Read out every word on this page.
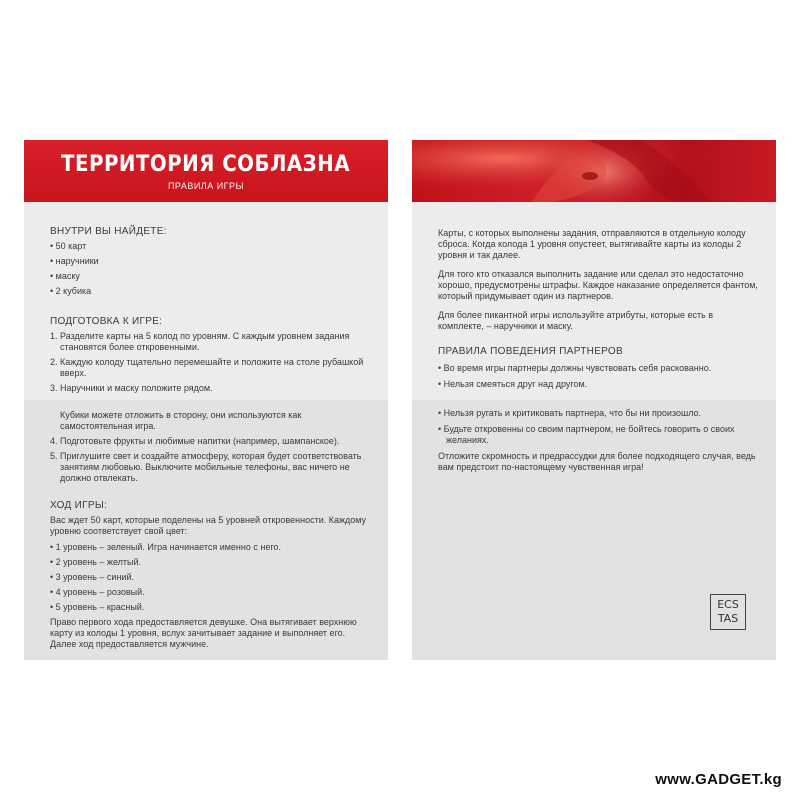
ТЕРРИТОРИЯ СОБЛАЗНА
ПРАВИЛА ИГРЫ
ВНУТРИ ВЫ НАЙДЕТЕ:
• 50 карт
• наручники
• маску
• 2 кубика
ПОДГОТОВКА К ИГРЕ:
1. Разделите карты на 5 колод по уровням. С каждым уровнем задания становятся более откровенными.
2. Каждую колоду тщательно перемешайте и положите на столе рубашкой вверх.
3. Наручники и маску положите рядом.
Кубики можете отложить в сторону, они используются как самостоятельная игра.
4. Подготовьте фрукты и любимые напитки (например, шампанское).
5. Приглушите свет и создайте атмосферу, которая будет соответствовать занятиям любовью. Выключите мобильные телефоны, вас ничего не должно отвлекать.
ХОД ИГРЫ:
Вас ждет 50 карт, которые поделены на 5 уровней откровенности. Каждому уровню соответствует свой цвет:
• 1 уровень – зеленый. Игра начинается именно с него.
• 2 уровень – желтый.
• 3 уровень – синий.
• 4 уровень – розовый.
• 5 уровень – красный.
Право первого хода предоставляется девушке. Она вытягивает верхнюю карту из колоды 1 уровня, вслух зачитывает задание и выполняет его. Далее ход предоставляется мужчине.
Карты, с которых выполнены задания, отправляются в отдельную колоду сброса. Когда колода 1 уровня опустеет, вытягивайте карты из колоды 2 уровня и так далее.
Для того кто отказался выполнить задание или сделал это недостаточно хорошо, предусмотрены штрафы. Каждое наказание определяется фантом, который придумывает один из партнеров.
Для более пикантной игры используйте атрибуты, которые есть в комплекте, – наручники и маску.
ПРАВИЛА ПОВЕДЕНИЯ ПАРТНЕРОВ
• Во время игры партнеры должны чувствовать себя раскованно.
• Нельзя смеяться друг над другом.
• Нельзя ругать и критиковать партнера, что бы ни произошло.
• Будьте откровенны со своим партнером, не бойтесь говорить о своих желаниях.
Отложите скромность и предрассудки для более подходящего случая, ведь вам предстоит по-настоящему чувственная игра!
ECS
TAS
www.GADGET.kg
